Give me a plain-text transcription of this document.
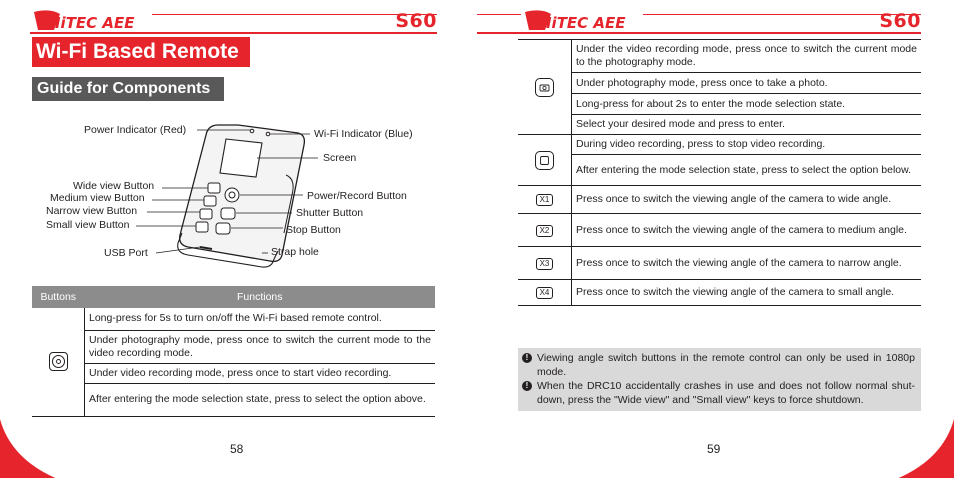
HiTEC AEE	S60
Wi-Fi Based Remote
Guide for Components
Power Indicator (Red)	Wi-Fi Indicator (Blue)
Screen
Wide view Button
Medium view Button
Narrow view Button
Small view Button
Power/Record Button
Shutter Button
Stop Button
USB Port	Strap hole
Buttons	Functions

	Long-press for 5s to turn on/off the Wi-Fi based remote control.
	Under photography mode, press once to switch the current mode to the video recording mode.
	Under video recording mode, press once to start video recording.
	After entering the mode selection state, press to select the option above.
58
HiTEC AEE	S60
	Under the video recording mode, press once to switch the current mode to the photography mode.
	Under photography mode, press once to take a photo.
	Long-press for about 2s to enter the mode selection state.
	Select your desired mode and press to enter.

	During video recording, press to stop video recording.
	After entering the mode selection state, press to select the option below.
X1	Press once to switch the viewing angle of the camera to wide angle.
X2	Press once to switch the viewing angle of the camera to medium angle.
X3	Press once to switch the viewing angle of the camera to narrow angle.
X4	Press once to switch the viewing angle of the camera to small angle.
! Viewing angle switch buttons in the remote control can only be used in 1080p mode.
! When the DRC10 accidentally crashes in use and does not follow normal shut-down, press the "Wide view" and "Small view" keys to force shutdown.
59
